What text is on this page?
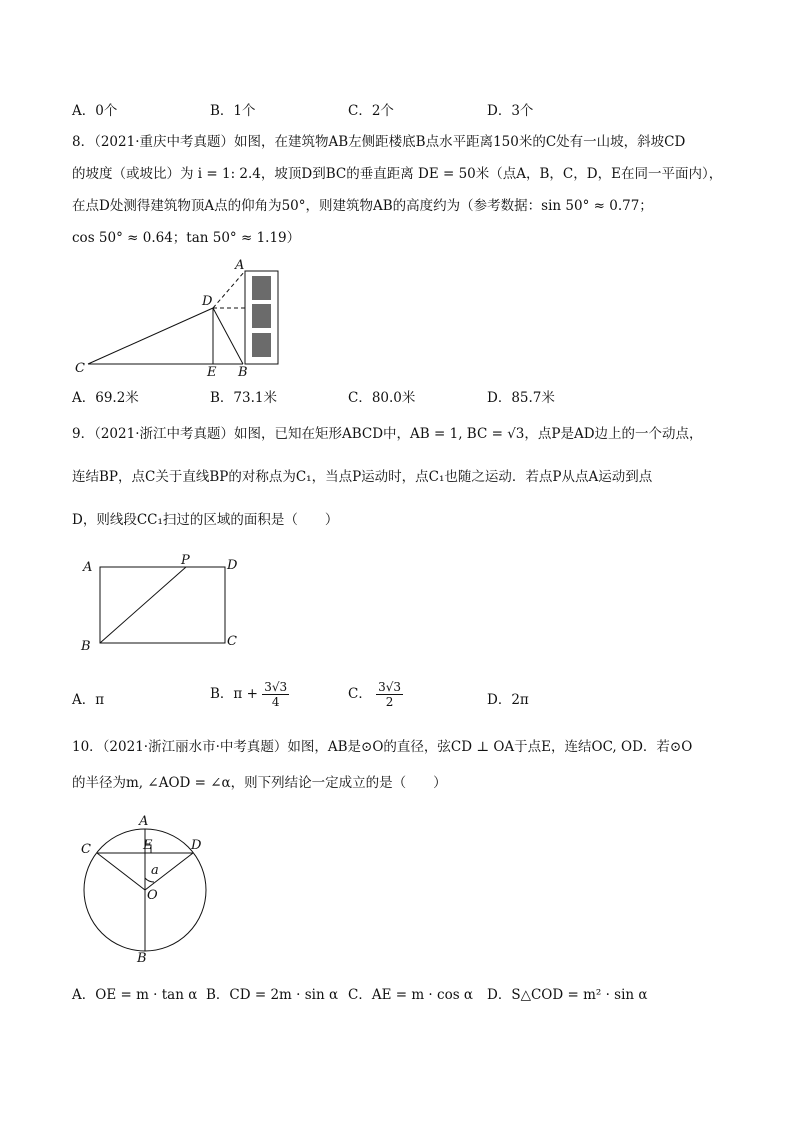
A．0个	B．1个	C．2个	D．3个
8．（2021·重庆中考真题）如图，在建筑物AB左侧距楼底B点水平距离150米的C处有一山坡，斜坡CD
的坡度（或坡比）为 i = 1: 2.4，坡顶D到BC的垂直距离 DE = 50米（点A，B，C，D，E在同一平面内），
在点D处测得建筑物顶A点的仰角为50°，则建筑物AB的高度约为（参考数据：sin 50° ≈ 0.77；
cos 50° ≈ 0.64；tan 50° ≈ 1.19）
A
D
C	E B
A．69.2米	B．73.1米	C．80.0米	D．85.7米
9．（2021·浙江中考真题）如图，已知在矩形ABCD中，AB = 1, BC = √3，点P是AD边上的一个动点，
连结BP，点C关于直线BP的对称点为C₁，当点P运动时，点C₁也随之运动．若点P从点A运动到点
D，则线段CC₁扫过的区域的面积是（　　）
A	P	D
B	C
A．π	B．$\pi + \frac{3√3}{4}$	C． $\frac{3√3}{2}$	D．2π
10．（2021·浙江丽水市·中考真题）如图，AB是⊙O的直径，弦CD ⊥ OA于点E，连结OC, OD．若⊙O
的半径为m, ∠AOD = ∠α，则下列结论一定成立的是（　　）
A
C	E	D
a
O
B
A．OE = m · tan α B．CD = 2m · sin α C．AE = m · cos α D．S△COD = m² · sin α
